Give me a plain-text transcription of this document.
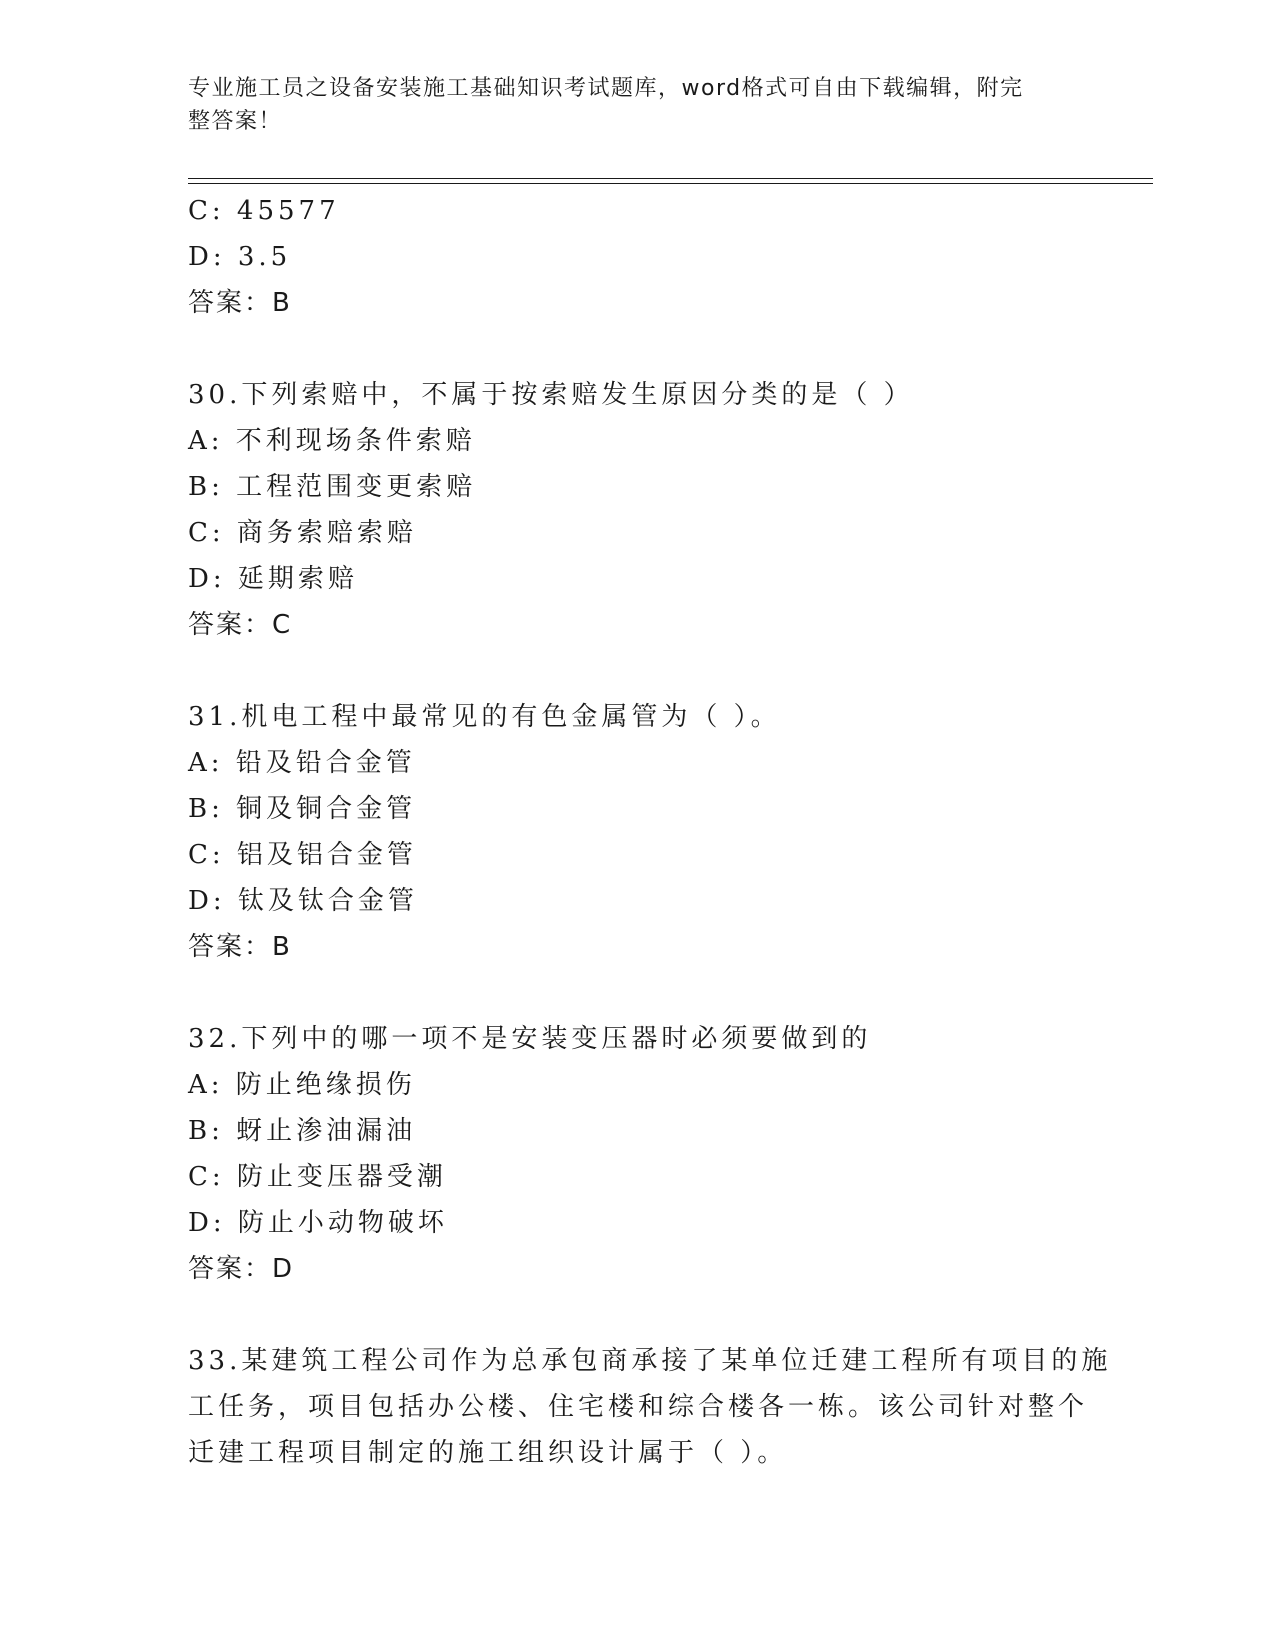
专业施工员之设备安装施工基础知识考试题库，word格式可自由下载编辑，附完
整答案！
C: 45577
D: 3.5
答案：B
30.下列索赔中，不属于按索赔发生原因分类的是（ ）
A: 不利现场条件索赔
B: 工程范围变更索赔
C: 商务索赔索赔
D: 延期索赔
答案：C
31.机电工程中最常见的有色金属管为（ ）。
A: 铅及铅合金管
B: 铜及铜合金管
C: 铝及铝合金管
D: 钛及钛合金管
答案：B
32.下列中的哪一项不是安装变压器时必须要做到的
A: 防止绝缘损伤
B: 蚜止渗油漏油
C: 防止变压器受潮
D: 防止小动物破坏
答案：D
33.某建筑工程公司作为总承包商承接了某单位迁建工程所有项目的施
工任务，项目包括办公楼、住宅楼和综合楼各一栋。该公司针对整个
迁建工程项目制定的施工组织设计属于（ ）。
